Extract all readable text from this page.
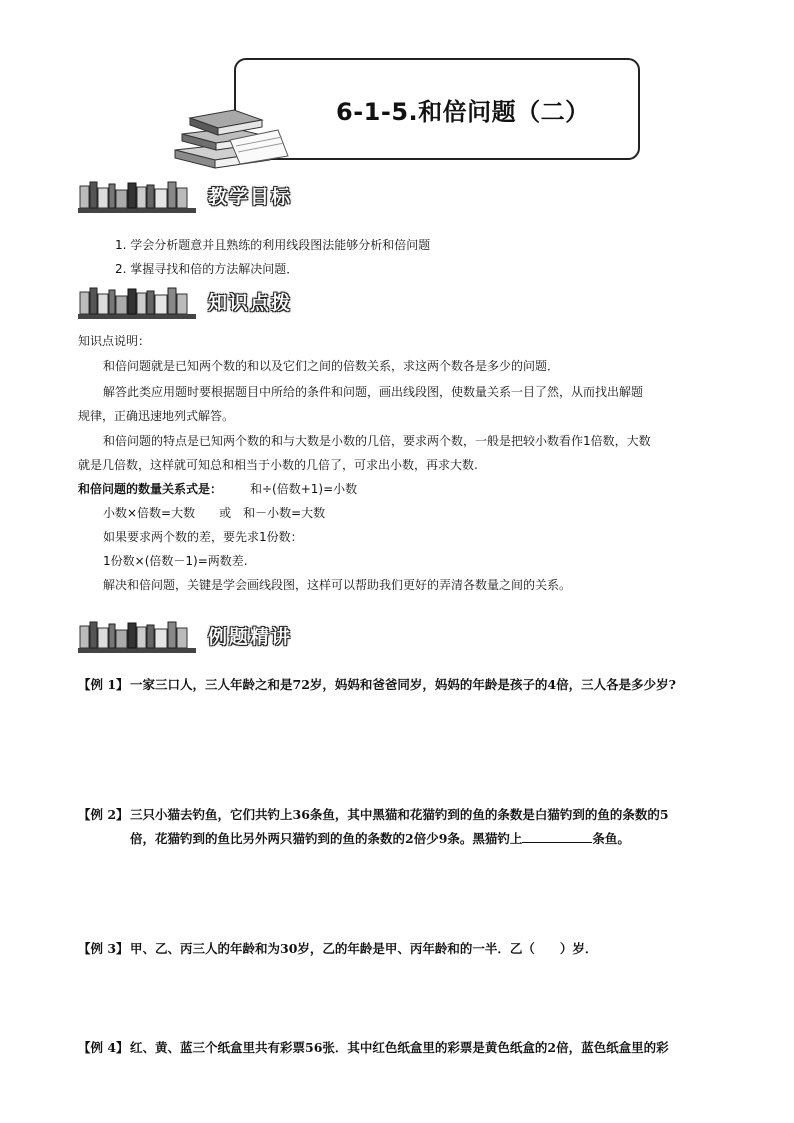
6-1-5.和倍问题（二）
教学目标
1. 学会分析题意并且熟练的利用线段图法能够分析和倍问题
2. 掌握寻找和倍的方法解决问题．
知识点拨
知识点说明：
和倍问题就是已知两个数的和以及它们之间的倍数关系，求这两个数各是多少的问题．
解答此类应用题时要根据题目中所给的条件和问题，画出线段图，使数量关系一目了然，从而找出解题
规律，正确迅速地列式解答。
和倍问题的特点是已知两个数的和与大数是小数的几倍，要求两个数，一般是把较小数看作1倍数，大数
就是几倍数，这样就可知总和相当于小数的几倍了，可求出小数，再求大数.
和倍问题的数量关系式是： 和÷(倍数+1)=小数
小数×倍数=大数　　或　和－小数=大数
如果要求两个数的差，要先求1份数：
1份数×(倍数－1)=两数差.
解决和倍问题，关键是学会画线段图，这样可以帮助我们更好的弄清各数量之间的关系。
例题精讲
【例 1】一家三口人，三人年龄之和是72岁，妈妈和爸爸同岁，妈妈的年龄是孩子的4倍，三人各是多少岁?
【例 2】三只小猫去钓鱼，它们共钓上36条鱼，其中黑猫和花猫钓到的鱼的条数是白猫钓到的鱼的条数的5
倍，花猫钓到的鱼比另外两只猫钓到的鱼的条数的2倍少9条。黑猫钓上	条鱼。
【例 3】甲、乙、丙三人的年龄和为30岁，乙的年龄是甲、丙年龄和的一半．乙（　　）岁．
【例 4】红、黄、蓝三个纸盒里共有彩票56张．其中红色纸盒里的彩票是黄色纸盒的2倍，蓝色纸盒里的彩
